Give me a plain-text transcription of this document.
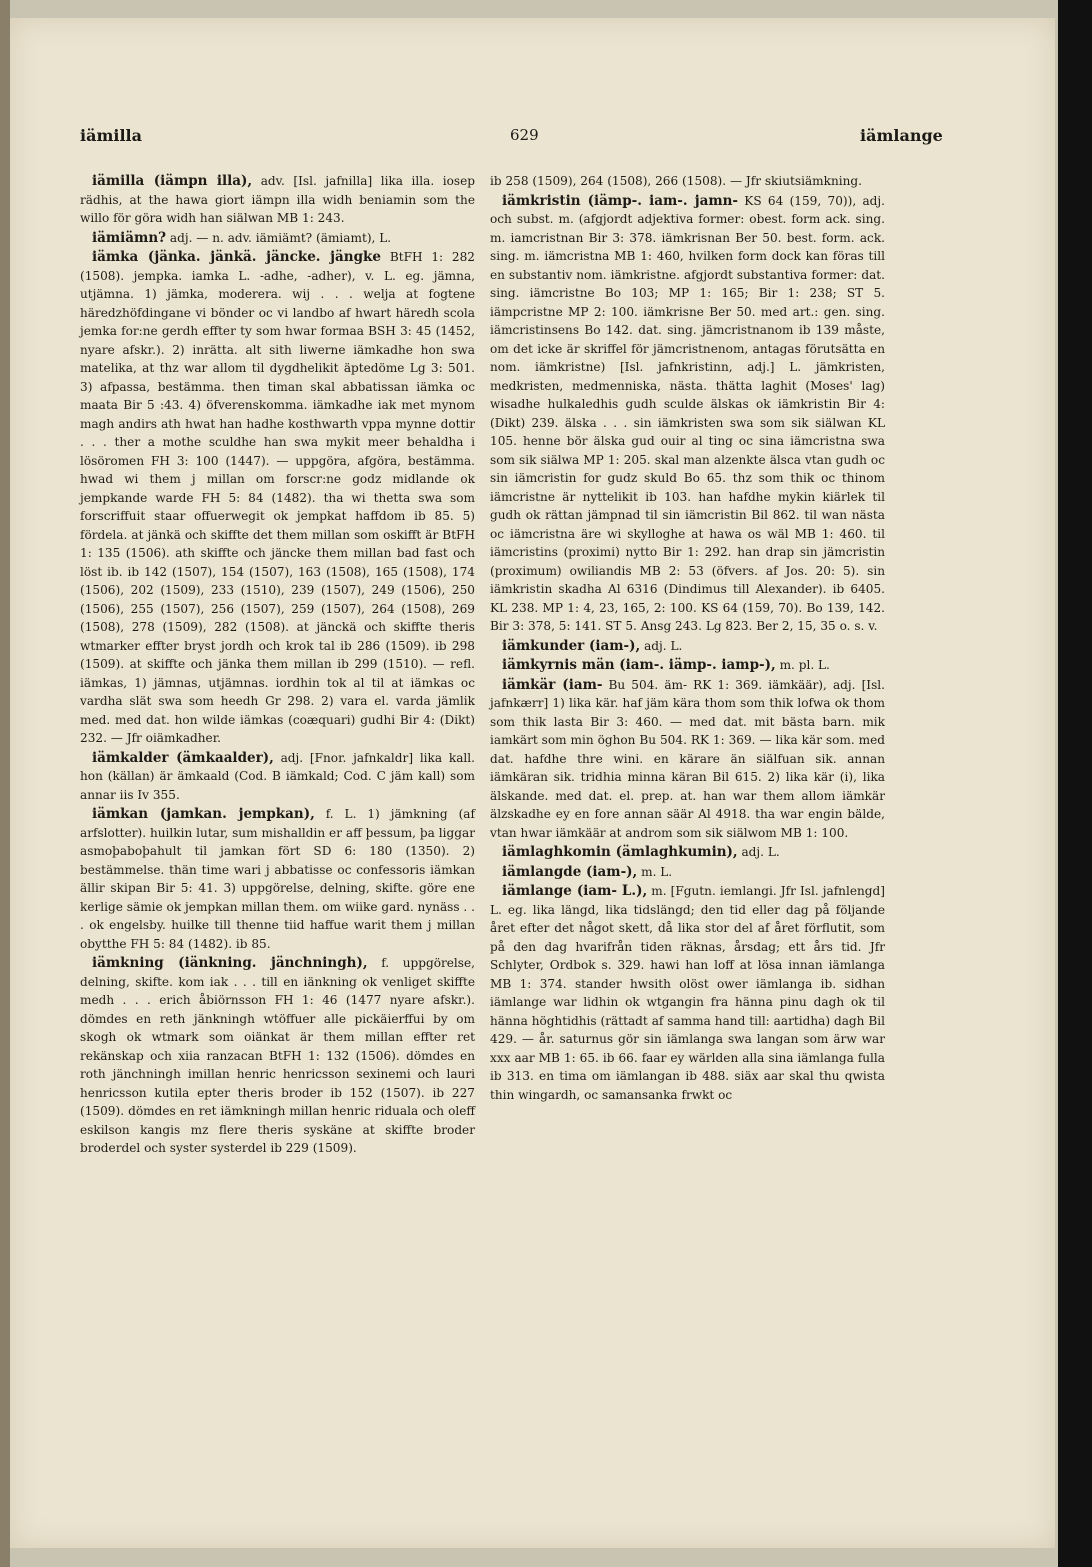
iämilla	629	iämlange

iämilla (iämpn illa), adv. [Isl. jafnilla] lika illa. iosep rädhis, at the hawa giort iämpn illa widh beniamin som the willo för göra widh han siälwan MB 1: 243.

iämiämn? adj. — n. adv. iämiämt? (ämiamt), L.

iämka (jänka. jänkä. jäncke. jängke BtFH 1: 282 (1508). jempka. iamka L. -adhe, -adher), v. L. eg. jämna, utjämna. 1) jämka, moderera. wij . . . welja at fogtene häredzhöfdingane vi bönder oc vi landbo af hwart häredh scola jemka for:ne gerdh effter ty som hwar formaa BSH 3: 45 (1452, nyare afskr.). 2) inrätta. alt sith liwerne iämkadhe hon swa matelika, at thz war allom til dygdhelikit äptedöme Lg 3: 501. 3) afpassa, bestämma. then timan skal abbatissan iämka oc maata Bir 5 :43. 4) öfverenskomma. iämkadhe iak met mynom magh andirs ath hwat han hadhe kosthwarth vppa mynne dottir . . . ther a mothe sculdhe han swa mykit meer behaldha i lösöromen FH 3: 100 (1447). — uppgöra, afgöra, bestämma. hwad wi them j millan om forscr:ne godz midlande ok jempkande warde FH 5: 84 (1482). tha wi thetta swa som forscriffuit staar offuerwegit ok jempkat haffdom ib 85. 5) fördela. at jänkä och skiffte det them millan som oskifft är BtFH 1: 135 (1506). ath skiffte och jäncke them millan bad fast och löst ib. ib 142 (1507), 154 (1507), 163 (1508), 165 (1508), 174 (1506), 202 (1509), 233 (1510), 239 (1507), 249 (1506), 250 (1506), 255 (1507), 256 (1507), 259 (1507), 264 (1508), 269 (1508), 278 (1509), 282 (1508). at jänckä och skiffte theris wtmarker effter bryst jordh och krok tal ib 286 (1509). ib 298 (1509). at skiffte och jänka them millan ib 299 (1510). — refl. iämkas, 1) jämnas, utjämnas. iordhin tok al til at iämkas oc vardha slät swa som heedh Gr 298. 2) vara el. varda jämlik med. med dat. hon wilde iämkas (coæquari) gudhi Bir 4: (Dikt) 232. — Jfr oiämkadher.

iämkalder (ämkaalder), adj. [Fnor. jafnkaldr] lika kall. hon (källan) är ämkaald (Cod. B iämkald; Cod. C jäm kall) som annar iis Iv 355.

iämkan (jamkan. jempkan), f. L. 1) jämkning (af arfslotter). huilkin lutar, sum mishalldin er aff þessum, þa liggar asmoþaboþahult til jamkan fört SD 6: 180 (1350). 2) bestämmelse. thän time wari j abbatisse oc confessoris iämkan ällir skipan Bir 5: 41. 3) uppgörelse, delning, skifte. göre ene kerlige sämie ok jempkan millan them. om wiike gard. nynäss . . . ok engelsby. huilke till thenne tiid haffue warit them j millan obytthe FH 5: 84 (1482). ib 85.

iämkning (iänkning. jänchningh), f. uppgörelse, delning, skifte. kom iak . . . till en iänkning ok venliget skiffte medh . . . erich åbiörnsson FH 1: 46 (1477 nyare afskr.). dömdes en reth jänkningh wtöffuer alle pickäierffui by om skogh ok wtmark som oiänkat är them millan effter ret rekänskap och xiia ranzacan BtFH 1: 132 (1506). dömdes en roth jänchningh imillan henric henricsson sexinemi och lauri henricsson kutila epter theris broder ib 152 (1507). ib 227 (1509). dömdes en ret iämkningh millan henric riduala och oleff eskilson kangis mz flere theris syskäne at skiffte broder broderdel och syster systerdel ib 229 (1509).

ib 258 (1509), 264 (1508), 266 (1508). — Jfr skiutsiämkning.

iämkristin (iämp-. iam-. jamn- KS 64 (159, 70)), adj. och subst. m. (afgjordt adjektiva former: obest. form ack. sing. m. iamcristnan Bir 3: 378. iämkrisnan Ber 50. best. form. ack. sing. m. iämcristna MB 1: 460, hvilken form dock kan föras till en substantiv nom. iämkristne. afgjordt substantiva former: dat. sing. iämcristne Bo 103; MP 1: 165; Bir 1: 238; ST 5. iämpcristne MP 2: 100. iämkrisne Ber 50. med art.: gen. sing. iämcristinsens Bo 142. dat. sing. jämcristnanom ib 139 måste, om det icke är skriffel för jämcristnenom, antagas förutsätta en nom. iämkristne) [Isl. jafnkristinn, adj.] L. jämkristen, medkristen, medmenniska, nästa. thätta laghit (Moses' lag) wisadhe hulkaledhis gudh sculde älskas ok iämkristin Bir 4: (Dikt) 239. älska . . . sin iämkristen swa som sik siälwan KL 105. henne bör älska gud ouir al ting oc sina iämcristna swa som sik siälwa MP 1: 205. skal man alzenkte älsca vtan gudh oc sin iämcristin for gudz skuld Bo 65. thz som thik oc thinom iämcristne är nyttelikit ib 103. han hafdhe mykin kiärlek til gudh ok rättan jämpnad til sin iämcristin Bil 862. til wan nästa oc iämcristna äre wi skylloghe at hawa os wäl MB 1: 460. til iämcristins (proximi) nytto Bir 1: 292. han drap sin jämcristin (proximum) owiliandis MB 2: 53 (öfvers. af Jos. 20: 5). sin iämkristin skadha Al 6316 (Dindimus till Alexander). ib 6405. KL 238. MP 1: 4, 23, 165, 2: 100. KS 64 (159, 70). Bo 139, 142. Bir 3: 378, 5: 141. ST 5. Ansg 243. Lg 823. Ber 2, 15, 35 o. s. v.

iämkunder (iam-), adj. L.

iämkyrnis män (iam-. iämp-. iamp-), m. pl. L.

iämkär (iam- Bu 504. äm- RK 1: 369. iämkäär), adj. [Isl. jafnkærr] 1) lika kär. haf jäm kära thom som thik lofwa ok thom som thik lasta Bir 3: 460. — med dat. mit bästa barn. mik iamkärt som min öghon Bu 504. RK 1: 369. — lika kär som. med dat. hafdhe thre wini. en kärare än siälfuan sik. annan iämkäran sik. tridhia minna käran Bil 615. 2) lika kär (i), lika älskande. med dat. el. prep. at. han war them allom iämkär älzskadhe ey en fore annan säär Al 4918. tha war engin bälde, vtan hwar iämkäär at androm som sik siälwom MB 1: 100.

iämlaghkomin (ämlaghkumin), adj. L.

iämlangde (iam-), m. L.

iämlange (iam- L.), m. [Fgutn. iemlangi. Jfr Isl. jafnlengd] L. eg. lika längd, lika tidslängd; den tid eller dag på följande året efter det något skett, då lika stor del af året förflutit, som på den dag hvarifrån tiden räknas, årsdag; ett års tid. Jfr Schlyter, Ordbok s. 329. hawi han loff at lösa innan iämlanga MB 1: 374. stander hwsith olöst ower iämlanga ib. sidhan iämlange war lidhin ok wtgangin fra hänna pinu dagh ok til hänna höghtidhis (rättadt af samma hand till: aartidha) dagh Bil 429. — år. saturnus gör sin iämlanga swa langan som ärw war xxx aar MB 1: 65. ib 66. faar ey wärlden alla sina iämlanga fulla ib 313. en tima om iämlangan ib 488. siäx aar skal thu qwista thin wingardh, oc samansanka frwkt oc
